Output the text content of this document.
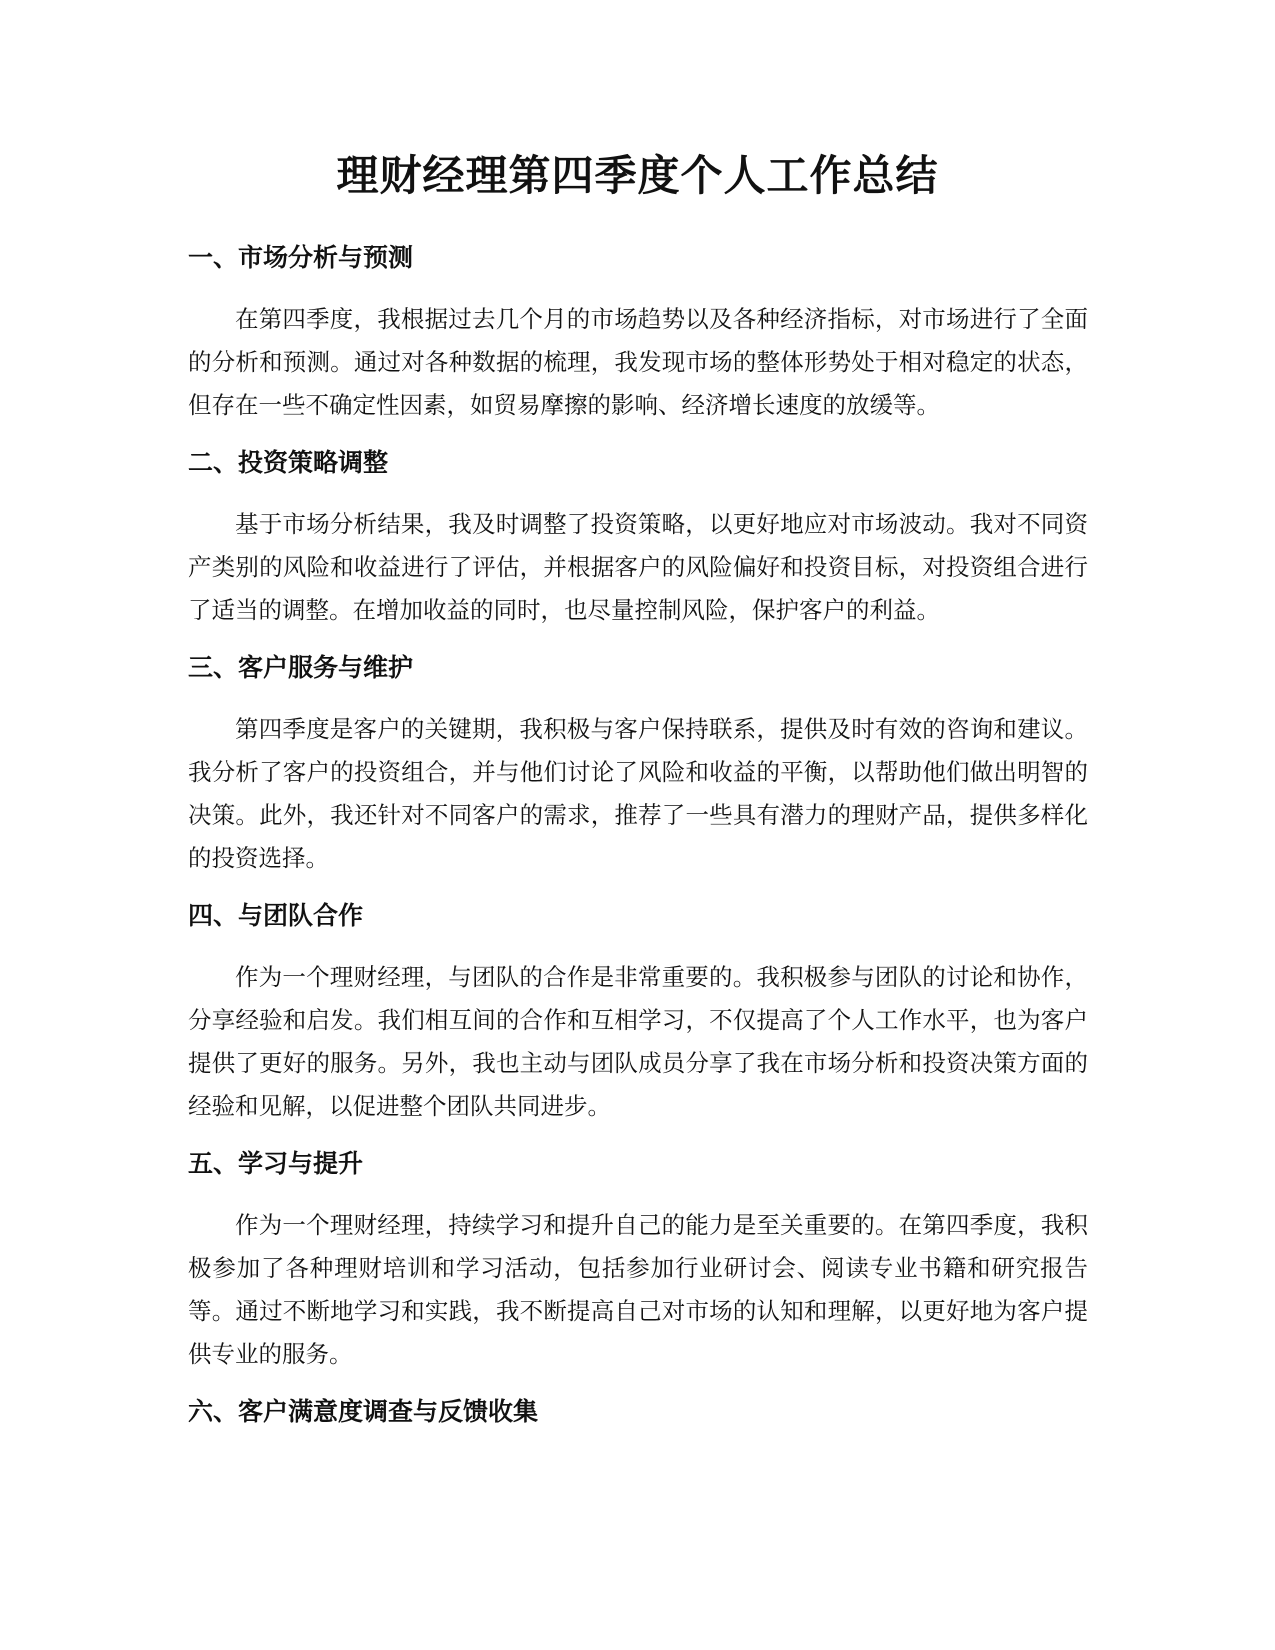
理财经理第四季度个人工作总结
一、市场分析与预测

在第四季度，我根据过去几个月的市场趋势以及各种经济指标，对市场进行了全面的分析和预测。通过对各种数据的梳理，我发现市场的整体形势处于相对稳定的状态，但存在一些不确定性因素，如贸易摩擦的影响、经济增长速度的放缓等。

二、投资策略调整

基于市场分析结果，我及时调整了投资策略，以更好地应对市场波动。我对不同资产类别的风险和收益进行了评估，并根据客户的风险偏好和投资目标，对投资组合进行了适当的调整。在增加收益的同时，也尽量控制风险，保护客户的利益。

三、客户服务与维护

第四季度是客户的关键期，我积极与客户保持联系，提供及时有效的咨询和建议。我分析了客户的投资组合，并与他们讨论了风险和收益的平衡，以帮助他们做出明智的决策。此外，我还针对不同客户的需求，推荐了一些具有潜力的理财产品，提供多样化的投资选择。

四、与团队合作

作为一个理财经理，与团队的合作是非常重要的。我积极参与团队的讨论和协作，分享经验和启发。我们相互间的合作和互相学习，不仅提高了个人工作水平，也为客户提供了更好的服务。另外，我也主动与团队成员分享了我在市场分析和投资决策方面的经验和见解，以促进整个团队共同进步。

五、学习与提升

作为一个理财经理，持续学习和提升自己的能力是至关重要的。在第四季度，我积极参加了各种理财培训和学习活动，包括参加行业研讨会、阅读专业书籍和研究报告等。通过不断地学习和实践，我不断提高自己对市场的认知和理解，以更好地为客户提供专业的服务。

六、客户满意度调查与反馈收集
